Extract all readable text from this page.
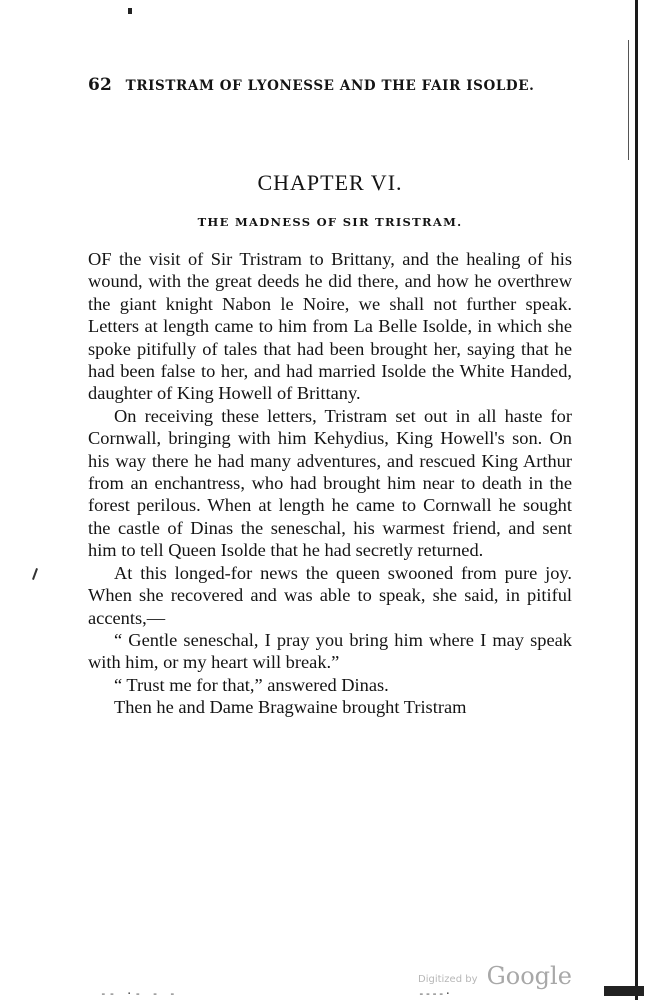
62 TRISTRAM OF LYONESSE AND THE FAIR ISOLDE.
CHAPTER VI.
THE MADNESS OF SIR TRISTRAM.

OF the visit of Sir Tristram to Brittany, and the healing of his wound, with the great deeds he did there, and how he overthrew the giant knight Nabon le Noire, we shall not further speak. Letters at length came to him from La Belle Isolde, in which she spoke pitifully of tales that had been brought her, saying that he had been false to her, and had married Isolde the White Handed, daughter of King Howell of Brittany.

On receiving these letters, Tristram set out in all haste for Cornwall, bringing with him Kehydius, King Howell's son. On his way there he had many adventures, and rescued King Arthur from an enchantress, who had brought him near to death in the forest perilous. When at length he came to Cornwall he sought the castle of Dinas the seneschal, his warmest friend, and sent him to tell Queen Isolde that he had secretly returned.

At this longed-for news the queen swooned from pure joy. When she recovered and was able to speak, she said, in pitiful accents,—

“ Gentle seneschal, I pray you bring him where I may speak with him, or my heart will break.”

“ Trust me for that,” answered Dinas.

Then he and Dame Bragwaine brought Tristram

Digitized by Google
-- ·- - -	----·
